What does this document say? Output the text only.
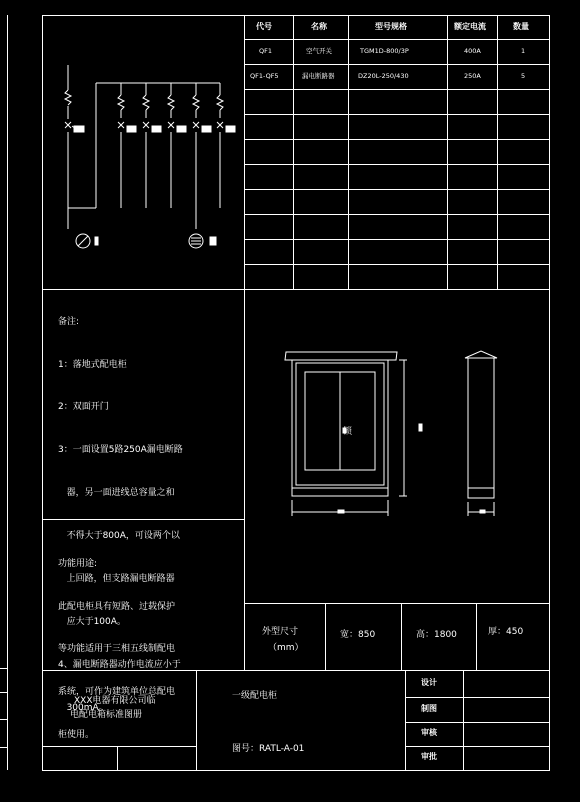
代号	名称	型号规格	额定电流	数量
QF1	空气开关	TGM1D-800/3P	400A	1
QF1-QF5	漏电断路器	DZ20L-250/430	250A	5
备注:

1：落地式配电柜

2：双面开门

3：一面设置5路250A漏电断路

器，另一面进线总容量之和

不得大于800A，可设两个以

上回路，但支路漏电断路器

应大于100A。

4、漏电断路器动作电流应小于

300mA。

功能用途:

此配电柜具有短路、过载保护

等功能适用于三相五线制配电

系统，可作为建筑单位总配电

柜使用。

锁
外型尺寸
（mm）
宽：850	高：1800	厚：450
XXX电器有限公司临
电配电箱标准图册
一级配电柜
图号：RATL-A-01
设计
制图
审核
审批
